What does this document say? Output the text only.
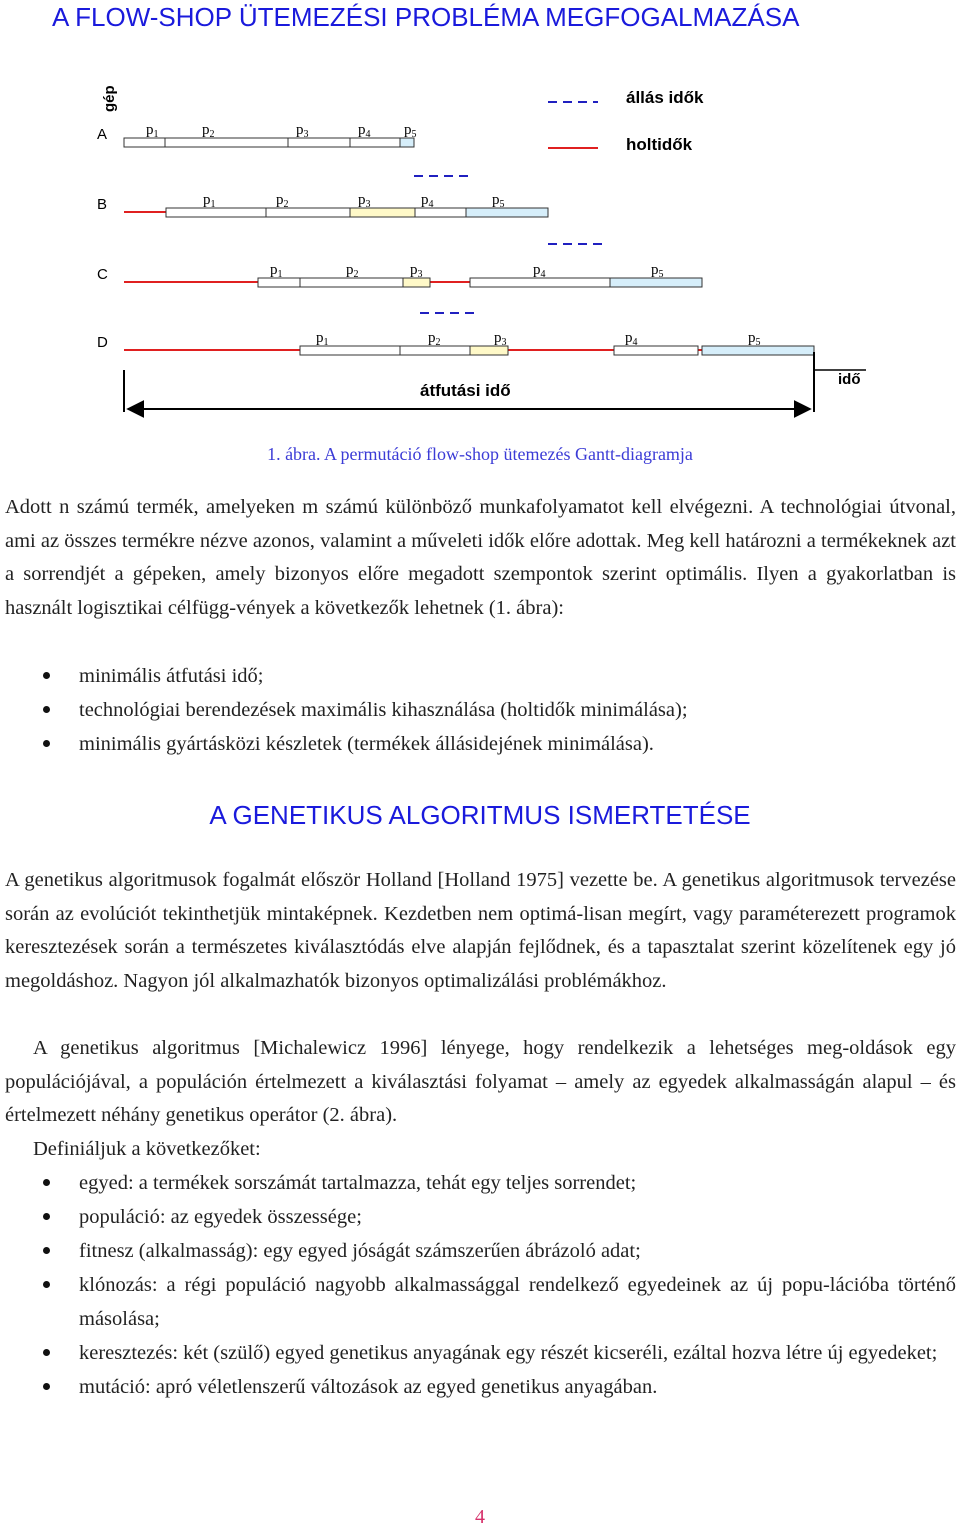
A FLOW-SHOP ÜTEMEZÉSI PROBLÉMA MEGFOGALMAZÁSA
A	$p_1$	$p_2$	$p_3$	$p_4$ $p_5$
B	$p_1$	$p_2$	$p_3$	$p_4$	$p_5$
C	$p_1$	$p_2$	$p_3$	$p_4$	$p_5$
D	$p_1$	$p_2$	$p_3$	$p_4$	$p_5$
gép	állás idők
holtidők
átfutási idő
idő
1. ábra. A permutáció flow-shop ütemezés Gantt-diagramja

Adott n számú termék, amelyeken m számú különböző munkafolyamatot kell elvégezni. A technológiai útvonal, ami az összes termékre nézve azonos, valamint a műveleti idők előre adottak. Meg kell határozni a termékeknek azt a sorrendjét a gépeken, amely bizonyos előre megadott szempontok szerint optimális. Ilyen a gyakorlatban is használt logisztikai célfügg-vények a következők lehetnek (1. ábra):

minimális átfutási idő;
technológiai berendezések maximális kihasználása (holtidők minimálása);
minimális gyártásközi készletek (termékek állásidejének minimálása).
A GENETIKUS ALGORITMUS ISMERTETÉSE

A genetikus algoritmusok fogalmát először Holland [Holland 1975] vezette be. A genetikus algoritmusok tervezése során az evolúciót tekinthetjük mintaképnek. Kezdetben nem optimá-lisan megírt, vagy paraméterezett programok keresztezések során a természetes kiválasztódás elve alapján fejlődnek, és a tapasztalat szerint közelítenek egy jó megoldáshoz. Nagyon jól alkalmazhatók bizonyos optimalizálási problémákhoz.

A genetikus algoritmus [Michalewicz 1996] lényege, hogy rendelkezik a lehetséges meg-oldások egy populációjával, a populáción értelmezett a kiválasztási folyamat – amely az egyedek alkalmasságán alapul – és értelmezett néhány genetikus operátor (2. ábra).

Definiáljuk a következőket:

egyed: a termékek sorszámát tartalmazza, tehát egy teljes sorrendet;
populáció: az egyedek összessége;
fitnesz (alkalmasság): egy egyed jóságát számszerűen ábrázoló adat;
klónozás: a régi populáció nagyobb alkalmassággal rendelkező egyedeinek az új popu-lációba történő másolása;
keresztezés: két (szülő) egyed genetikus anyagának egy részét kicseréli, ezáltal hozva létre új egyedeket;
mutáció: apró véletlenszerű változások az egyed genetikus anyagában.
4
